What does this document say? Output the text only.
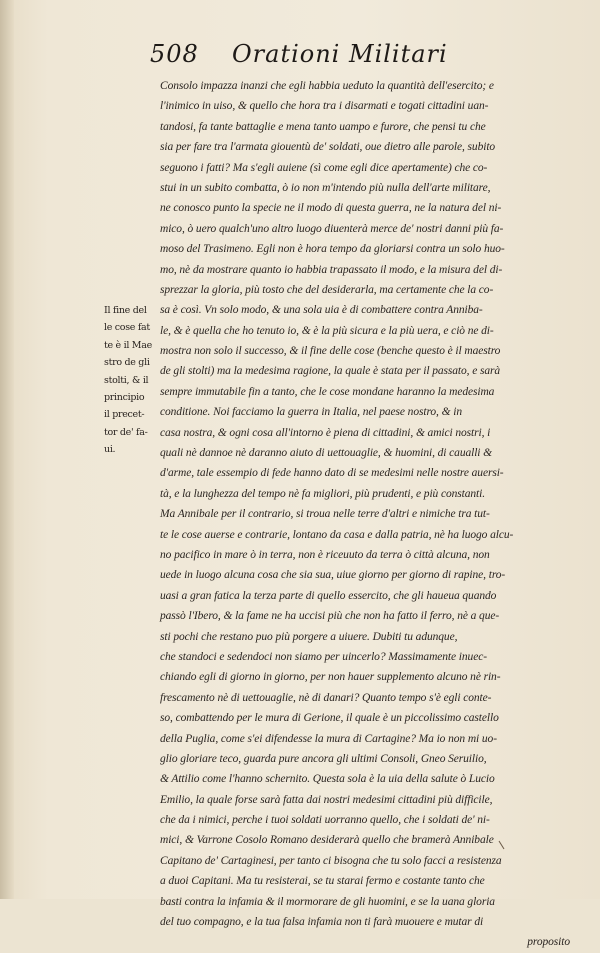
508 Orationi Militari
Il fine del
le cose fat
te è il Mae
stro de gli
stolti, & il
principio
il precet-
tor de' fa-
ui.
Consolo impazza inanzi che egli habbia ueduto la quantità dell'esercito; e
l'inimico in uiso, & quello che hora tra i disarmati e togati cittadini uan-
tandosi, fa tante battaglie e mena tanto uampo e furore, che pensi tu che
sia per fare tra l'armata giouentù de' soldati, oue dietro alle parole, subito
seguono i fatti? Ma s'egli auiene (sì come egli dice apertamente) che co-
stui in un subito combatta, ò io non m'intendo più nulla dell'arte militare,
ne conosco punto la specie ne il modo di questa guerra, ne la natura del ni-
mico, ò uero qualch'uno altro luogo diuenterà merce de' nostri danni più fa-
moso del Trasimeno. Egli non è hora tempo da gloriarsi contra un solo huo-
mo, nè da mostrare quanto io habbia trapassato il modo, e la misura del di-
sprezzar la gloria, più tosto che del desiderarla, ma certamente che la co-
sa è così. Vn solo modo, & una sola uia è di combattere contra Anniba-
le, & è quella che ho tenuto io, & è la più sicura e la più uera, e ciò ne di-
mostra non solo il successo, & il fine delle cose (benche questo è il maestro
de gli stolti) ma la medesima ragione, la quale è stata per il passato, e sarà
sempre immutabile fin a tanto, che le cose mondane haranno la medesima
conditione. Noi facciamo la guerra in Italia, nel paese nostro, & in
casa nostra, & ogni cosa all'intorno è piena di cittadini, & amici nostri, i
quali nè dannoe nè daranno aiuto di uettouaglie, & huomini, di caualli &
d'arme, tale essempio di fede hanno dato di se medesimi nelle nostre auersi-
tà, e la lunghezza del tempo nè fa migliori, più prudenti, e più constanti.
Ma Annibale per il contrario, si troua nelle terre d'altri e nimiche tra tut-
te le cose auerse e contrarie, lontano da casa e dalla patria, nè ha luogo alcu-
no pacifico in mare ò in terra, non è riceuuto da terra ò città alcuna, non
uede in luogo alcuna cosa che sia sua, uiue giorno per giorno di rapine, tro-
uasi a gran fatica la terza parte di quello essercito, che gli haueua quando
passò l'Ibero, & la fame ne ha uccisi più che non ha fatto il ferro, nè a que-
sti pochi che restano puo più porgere a uiuere. Dubiti tu adunque,
che standoci e sedendoci non siamo per uincerlo? Massimamente inuec-
chiando egli di giorno in giorno, per non hauer supplemento alcuno nè rin-
frescamento nè di uettouaglie, nè di danari? Quanto tempo s'è egli conte-
so, combattendo per le mura di Gerione, il quale è un piccolissimo castello
della Puglia, come s'ei difendesse la mura di Cartagine? Ma io non mi uo-
glio gloriare teco, guarda pure ancora gli ultimi Consoli, Gneo Seruilio,
& Attilio come l'hanno schernito. Questa sola è la uia della salute ò Lucio
Emilio, la quale forse sarà fatta dai nostri medesimi cittadini più difficile,
che da i nimici, perche i tuoi soldati uorranno quello, che i soldati de' ni-
mici, & Varrone Cosolo Romano desiderarà quello che bramerà Annibale
Capitano de' Cartaginesi, per tanto ci bisogna che tu solo facci a resistenza
a duoi Capitani. Ma tu resisterai, se tu starai fermo e costante tanto che
basti contra la infamia & il mormorare de gli huomini, e se la uana gloria
del tuo compagno, e la tua falsa infamia non ti farà muouere e mutar di
proposito
